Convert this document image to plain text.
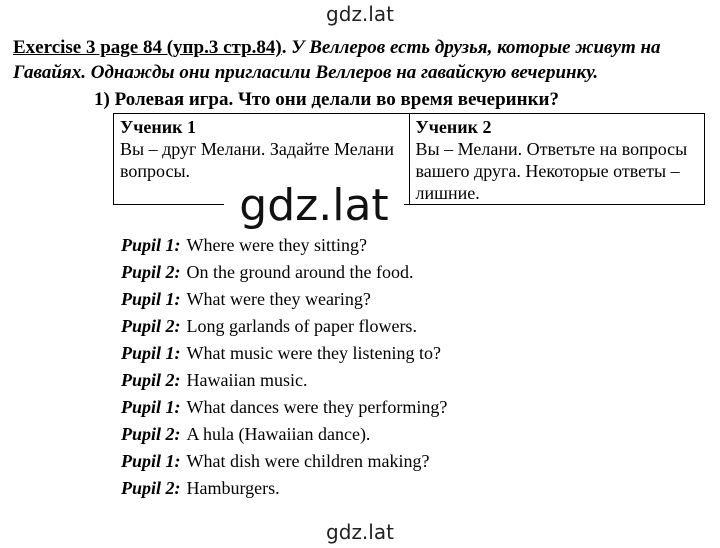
gdz.lat
Exercise 3 page 84 (упр.3 стр.84). У Веллеров есть друзья, которые живут на Гавайях. Однажды они пригласили Веллеров на гавайскую вечеринку.
1) Ролевая игра. Что они делали во время вечеринки?
Ученик 1
Вы – друг Мелани. Задайте Мелани вопросы.
Ученик 2
Вы – Мелани. Ответьте на вопросы вашего друга. Некоторые ответы – лишние.
gdz.lat
Pupil 1: Where were they sitting?
Pupil 2: On the ground around the food.
Pupil 1: What were they wearing?
Pupil 2: Long garlands of paper flowers.
Pupil 1: What music were they listening to?
Pupil 2: Hawaiian music.
Pupil 1: What dances were they performing?
Pupil 2: A hula (Hawaiian dance).
Pupil 1: What dish were children making?
Pupil 2: Hamburgers.
gdz.lat
